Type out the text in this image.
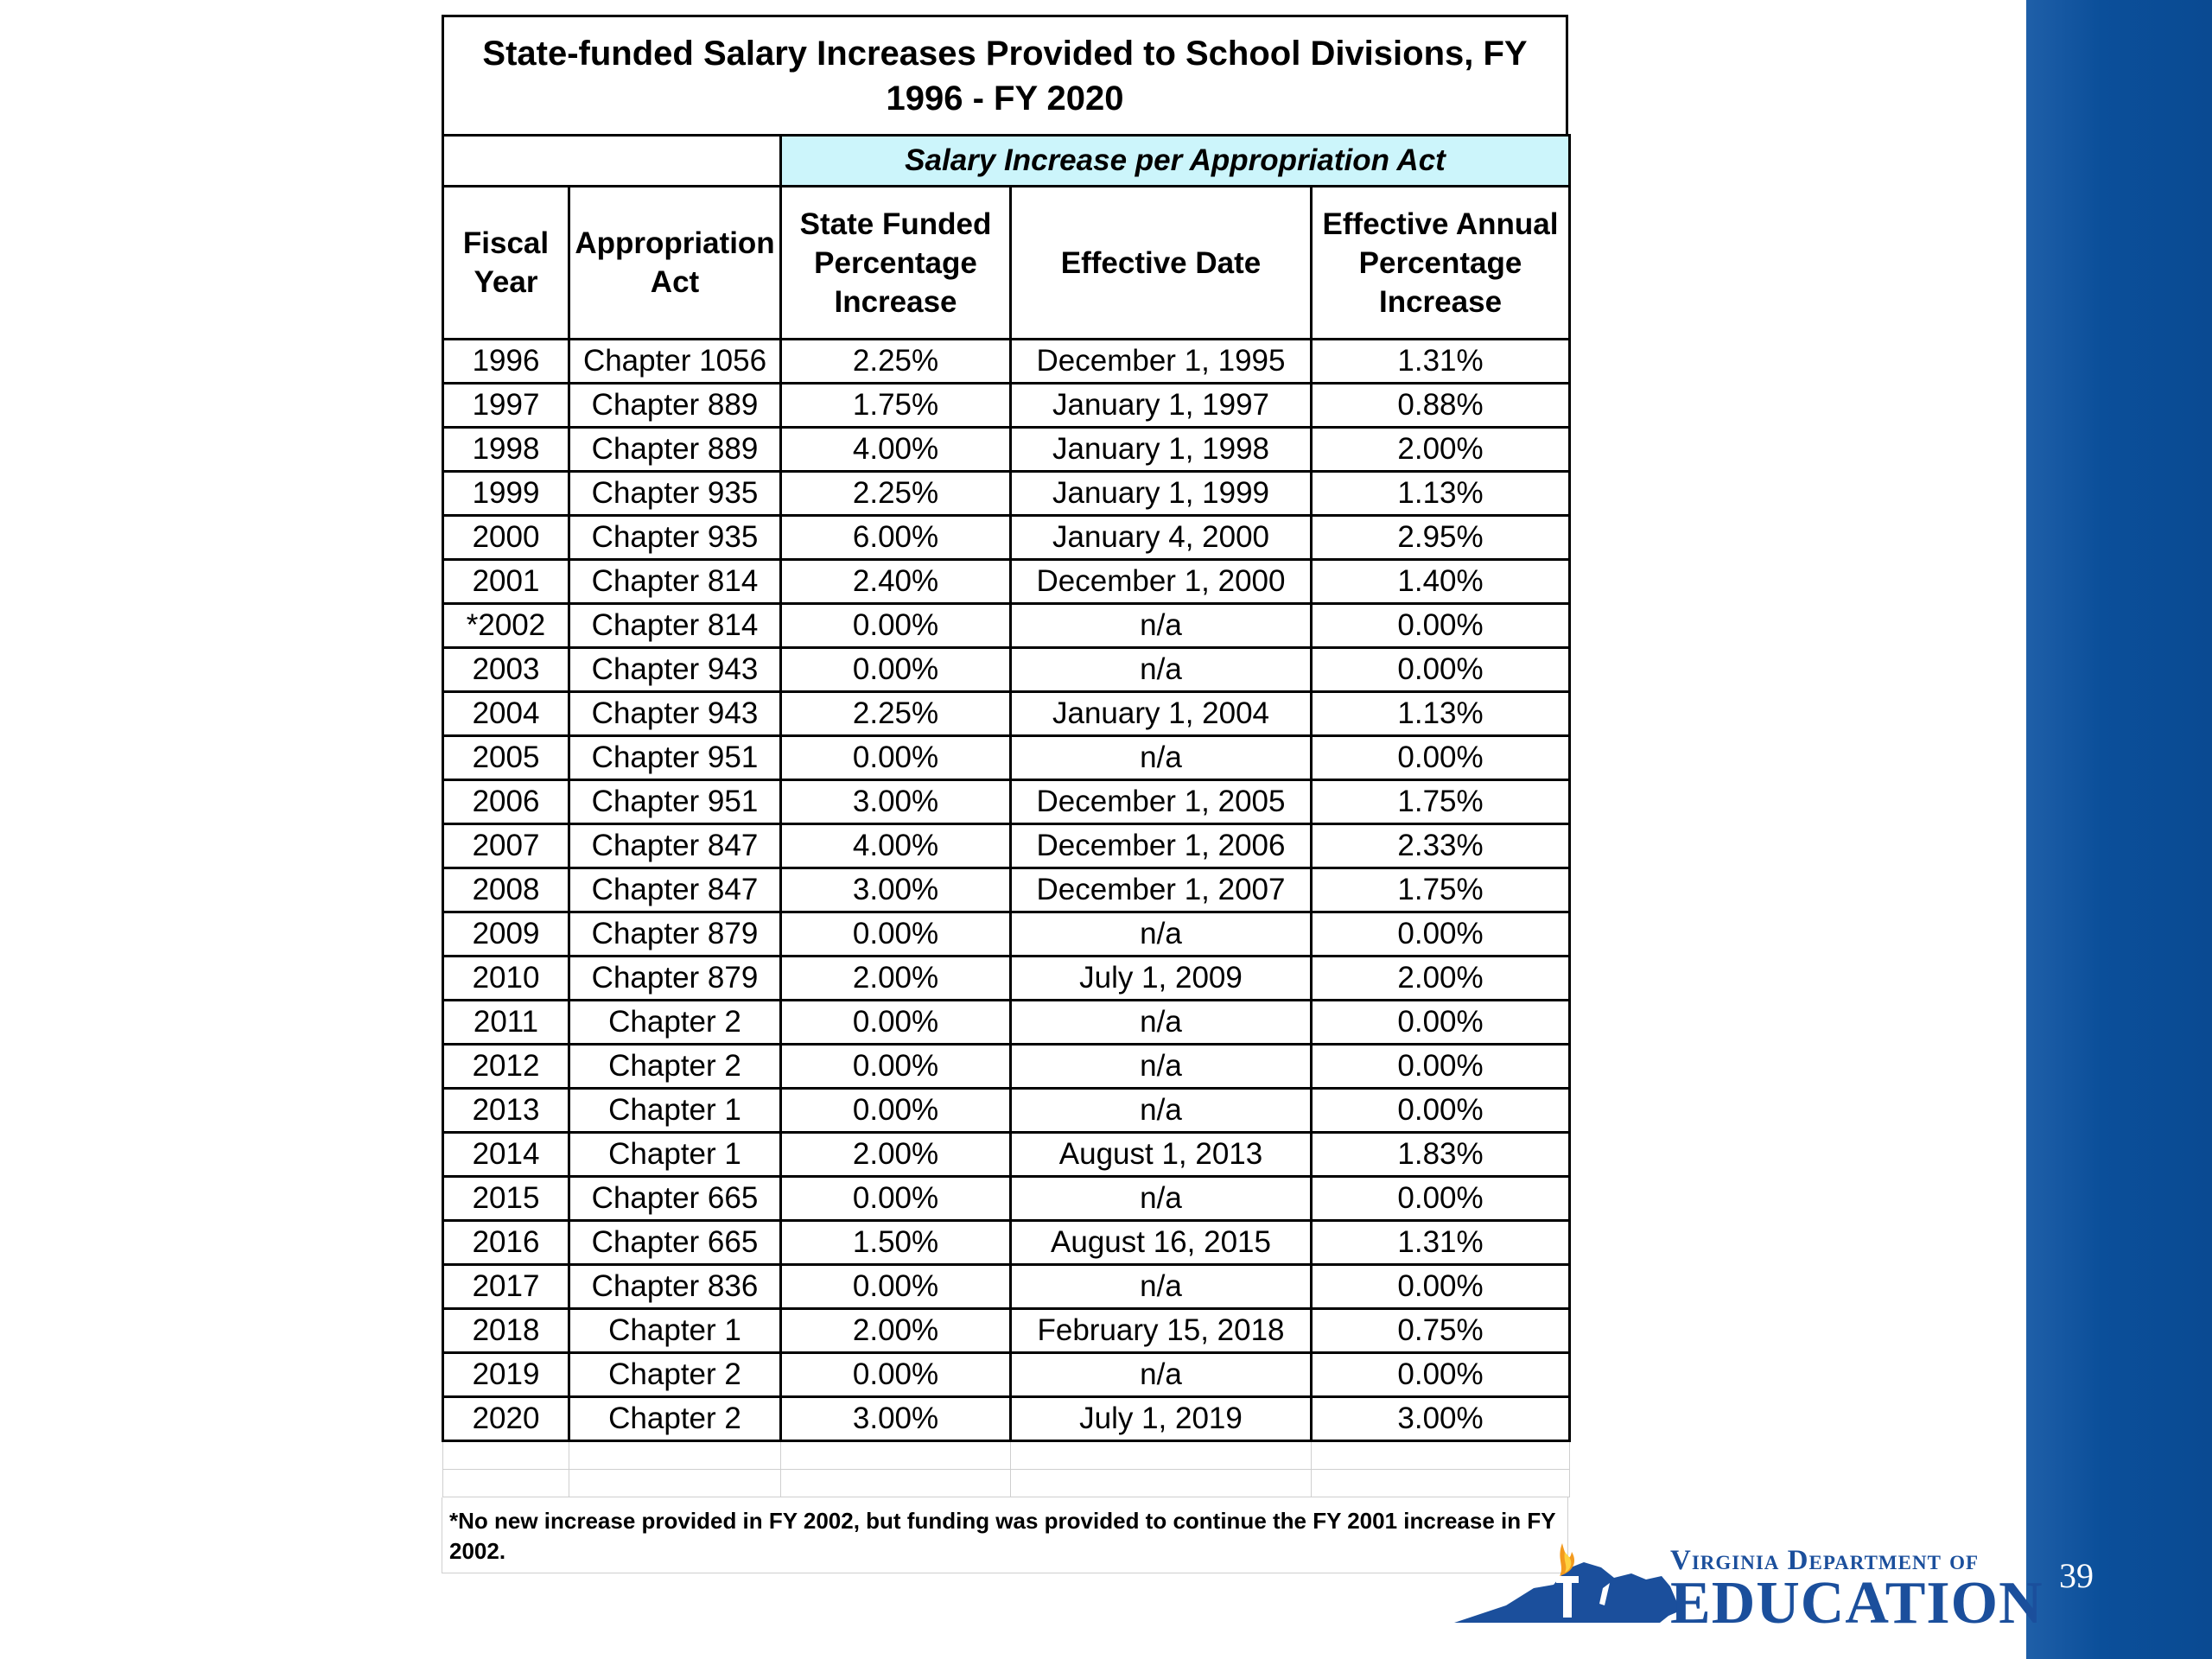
39
State-funded Salary Increases Provided to School Divisions, FY 1996 - FY 2020
		Salary Increase per Appropriation Act		
Fiscal Year	Appropriation Act	State Funded Percentage Increase	Effective Date	Effective Annual Percentage Increase
1996	Chapter 1056	2.25%	December 1, 1995	1.31%
1997	Chapter 889	1.75%	January 1, 1997	0.88%
1998	Chapter 889	4.00%	January 1, 1998	2.00%
1999	Chapter 935	2.25%	January 1, 1999	1.13%
2000	Chapter 935	6.00%	January 4, 2000	2.95%
2001	Chapter 814	2.40%	December 1, 2000	1.40%
*2002	Chapter 814	0.00%	n/a	0.00%
2003	Chapter 943	0.00%	n/a	0.00%
2004	Chapter 943	2.25%	January 1, 2004	1.13%
2005	Chapter 951	0.00%	n/a	0.00%
2006	Chapter 951	3.00%	December 1, 2005	1.75%
2007	Chapter 847	4.00%	December 1, 2006	2.33%
2008	Chapter 847	3.00%	December 1, 2007	1.75%
2009	Chapter 879	0.00%	n/a	0.00%
2010	Chapter 879	2.00%	July 1, 2009	2.00%
2011	Chapter 2	0.00%	n/a	0.00%
2012	Chapter 2	0.00%	n/a	0.00%
2013	Chapter 1	0.00%	n/a	0.00%
2014	Chapter 1	2.00%	August 1, 2013	1.83%
2015	Chapter 665	0.00%	n/a	0.00%
2016	Chapter 665	1.50%	August 16, 2015	1.31%
2017	Chapter 836	0.00%	n/a	0.00%
2018	Chapter 1	2.00%	February 15, 2018	0.75%
2019	Chapter 2	0.00%	n/a	0.00%
2020	Chapter 2	3.00%	July 1, 2019	3.00%

*No new increase provided in FY 2002, but funding was provided to continue the FY 2001 increase in FY 2002.	Virginia Department of
EDUCATION
